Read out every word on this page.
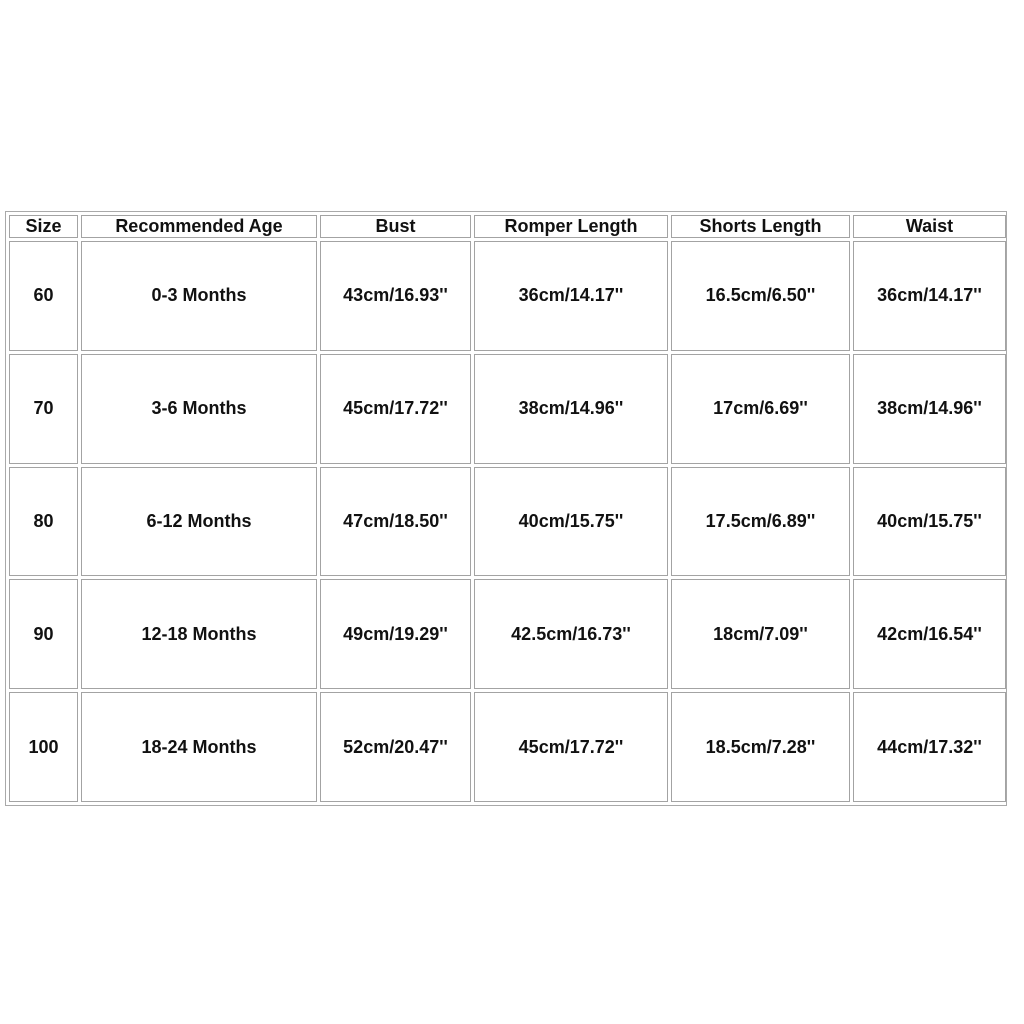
Size	Recommended Age	Bust	Romper Length	Shorts Length	Waist
60	0-3 Months	43cm/16.93''	36cm/14.17''	16.5cm/6.50''	36cm/14.17''
70	3-6 Months	45cm/17.72''	38cm/14.96''	17cm/6.69''	38cm/14.96''
80	6-12 Months	47cm/18.50''	40cm/15.75''	17.5cm/6.89''	40cm/15.75''
90	12-18 Months	49cm/19.29''	42.5cm/16.73''	18cm/7.09''	42cm/16.54''
100	18-24 Months	52cm/20.47''	45cm/17.72''	18.5cm/7.28''	44cm/17.32''
